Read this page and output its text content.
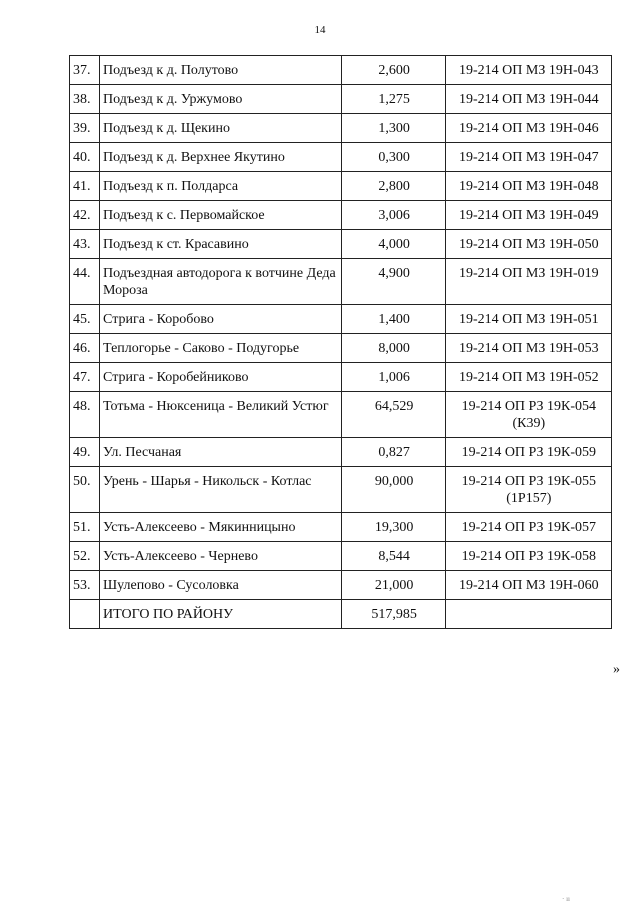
14
37.	Подъезд к д. Полутово	2,600	19-214 ОП МЗ 19Н-043
38.	Подъезд к д. Уржумово	1,275	19-214 ОП МЗ 19Н-044
39.	Подъезд к д. Щекино	1,300	19-214 ОП МЗ 19Н-046
40.	Подъезд к д. Верхнее Якутино	0,300	19-214 ОП МЗ 19Н-047
41.	Подъезд к п. Полдарса	2,800	19-214 ОП МЗ 19Н-048
42.	Подъезд к с. Первомайское	3,006	19-214 ОП МЗ 19Н-049
43.	Подъезд к ст. Красавино	4,000	19-214 ОП МЗ 19Н-050
44.	Подъездная автодорога к вотчине Деда Мороза	4,900	19-214 ОП МЗ 19Н-019
45.	Стрига - Коробово	1,400	19-214 ОП МЗ 19Н-051
46.	Теплогорье - Саково - Подугорье	8,000	19-214 ОП МЗ 19Н-053
47.	Стрига - Коробейниково	1,006	19-214 ОП МЗ 19Н-052
48.	Тотьма - Нюксеница - Великий Устюг	64,529	19-214 ОП РЗ 19К-054 (К39)
49.	Ул. Песчаная	0,827	19-214 ОП РЗ 19К-059
50.	Урень - Шарья - Никольск - Котлас	90,000	19-214 ОП РЗ 19К-055 (1Р157)
51.	Усть-Алексеево - Мякинницыно	19,300	19-214 ОП РЗ 19К-057
52.	Усть-Алексеево - Чернево	8,544	19-214 ОП РЗ 19К-058
53.	Шулепово - Сусоловка	21,000	19-214 ОП МЗ 19Н-060
	ИТОГО ПО РАЙОНУ	517,985	
»
· ıı
